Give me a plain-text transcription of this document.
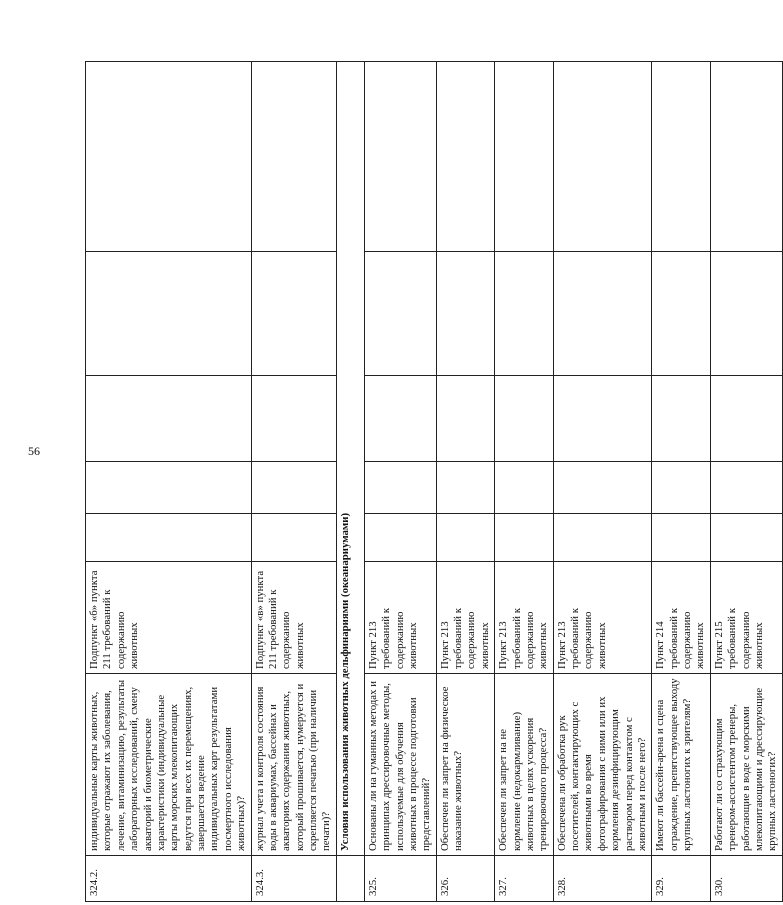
56
324.2.	индивидуальные карты животных, которые отражают их заболевания, лечение, витаминизацию, результаты лабораторных исследований, смену акваторий и биометрические характеристики (индивидуальные карты морских млекопитающих ведутся при всех их перемещениях, завершается ведение индивидуальных карт результатами посмертного исследования животных)?	Подпункт «б» пункта 211 требований к содержанию животных					
324.3.	журнал учета и контроля состояния воды в аквариумах, бассейнах и акваториях содержания животных, который прошивается, нумеруется и скрепляется печатью (при наличии печати)?	Подпункт «в» пункта 211 требований к содержанию животных					
	Условия использования животных дельфинариями (океанариумами)						
325.	Основаны ли на гуманных методах и принципах дрессировочные методы, используемые для обучения животных в процессе подготовки представлений?	Пункт 213 требований к содержанию животных					
326.	Обеспечен ли запрет на физическое наказание животных?	Пункт 213 требований к содержанию животных					
327.	Обеспечен ли запрет на не кормление (недокармливание) животных в целях ускорения тренировочного процесса?	Пункт 213 требований к содержанию животных					
328.	Обеспечена ли обработка рук посетителей, контактирующих с животными во время фотографирования с ними или их кормления дезинфицирующим раствором перед контактом с животным и после него?	Пункт 213 требований к содержанию животных					
329.	Имеют ли бассейн-арена и сцена ограждение, препятствующее выходу крупных ластоногих к зрителям?	Пункт 214 требований к содержанию животных					
330.	Работают ли со страхующим тренером-ассистентом тренеры, работающие в воде с морскими млекопитающими и дрессирующие крупных ластоногих?	Пункт 215 требований к содержанию животных					
